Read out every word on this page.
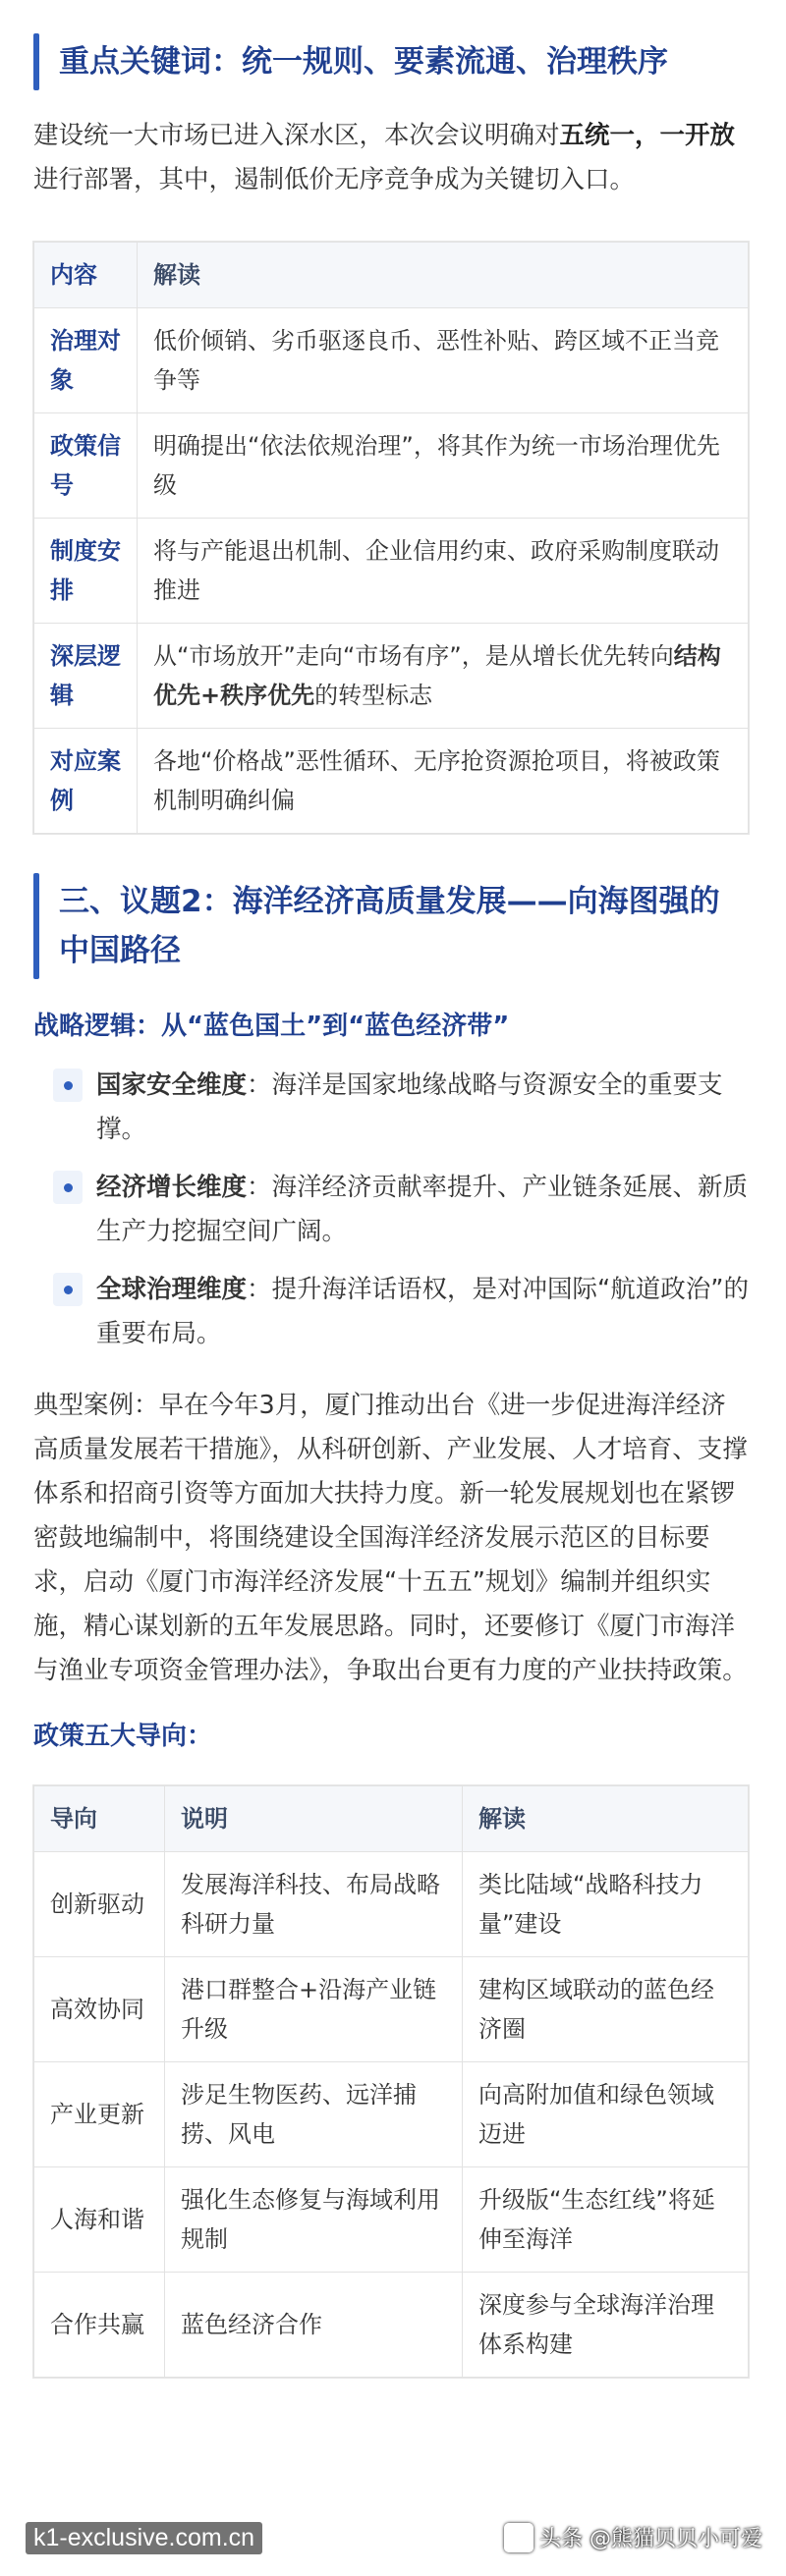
重点关键词：统一规则、要素流通、治理秩序

建设统一大市场已进入深水区，本次会议明确对五统一，一开放进行部署，其中，遏制低价无序竞争成为关键切入口。

内容	解读
治理对象	低价倾销、劣币驱逐良币、恶性补贴、跨区域不正当竞争等
政策信号	明确提出“依法依规治理”，将其作为统一市场治理优先级
制度安排	将与产能退出机制、企业信用约束、政府采购制度联动推进
深层逻辑	从“市场放开”走向“市场有序”，是从增长优先转向结构优先+秩序优先的转型标志
对应案例	各地“价格战”恶性循环、无序抢资源抢项目，将被政策机制明确纠偏
三、议题2：海洋经济高质量发展——向海图强的中国路径
战略逻辑：从“蓝色国土”到“蓝色经济带”
国家安全维度：海洋是国家地缘战略与资源安全的重要支撑。
经济增长维度：海洋经济贡献率提升、产业链条延展、新质生产力挖掘空间广阔。
全球治理维度：提升海洋话语权，是对冲国际“航道政治”的重要布局。

典型案例：早在今年3月，厦门推动出台《进一步促进海洋经济高质量发展若干措施》，从科研创新、产业发展、人才培育、支撑体系和招商引资等方面加大扶持力度。新一轮发展规划也在紧锣密鼓地编制中，将围绕建设全国海洋经济发展示范区的目标要求，启动《厦门市海洋经济发展“十五五”规划》编制并组织实施，精心谋划新的五年发展思路。同时，还要修订《厦门市海洋与渔业专项资金管理办法》，争取出台更有力度的产业扶持政策。

政策五大导向：
导向	说明	解读
创新驱动	发展海洋科技、布局战略科研力量	类比陆域“战略科技力量”建设
高效协同	港口群整合+沿海产业链升级	建构区域联动的蓝色经济圈
产业更新	涉足生物医药、远洋捕捞、风电	向高附加值和绿色领域迈进
人海和谐	强化生态修复与海域利用规制	升级版“生态红线”将延伸至海洋
合作共赢	蓝色经济合作	深度参与全球海洋治理体系构建
k1-exclusive.com.cn	头条 @熊猫贝贝小可爱
